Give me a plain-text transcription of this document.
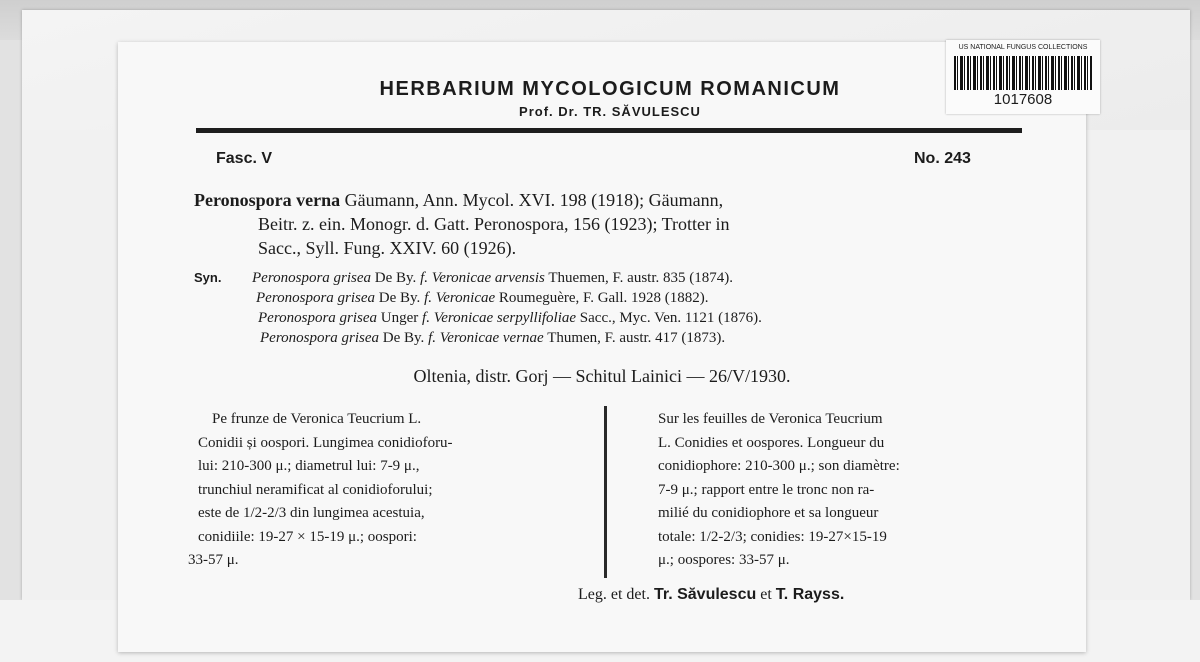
HERBARIUM MYCOLOGICUM ROMANICUM
Prof. Dr. TR. SĂVULESCU
Fasc. V	No. 243
Peronospora verna Gäumann, Ann. Mycol. XVI. 198 (1918); Gäumann,
Beitr. z. ein. Monogr. d. Gatt. Peronospora, 156 (1923); Trotter in
Sacc., Syll. Fung. XXIV. 60 (1926).
Syn. Peronospora grisea De By. f. Veronicae arvensis Thuemen, F. austr. 835 (1874).
Peronospora grisea De By. f. Veronicae Roumeguère, F. Gall. 1928 (1882).
Peronospora grisea Unger f. Veronicae serpyllifoliae Sacc., Myc. Ven. 1121 (1876).
Peronospora grisea De By. f. Veronicae vernae Thumen, F. austr. 417 (1873).
Oltenia, distr. Gorj — Schitul Lainici — 26/V/1930.
Pe frunze de Veronica Teucrium L.
Conidii și oospori. Lungimea conidioforu-
lui: 210-300 μ.; diametrul lui: 7-9 μ.,
trunchiul neramificat al conidioforului;
este de 1/2-2/3 din lungimea acestuia,
conidiile: 19-27 × 15-19 μ.; oospori:
33-57 μ.
Sur les feuilles de Veronica Teucrium
L. Conidies et oospores. Longueur du
conidiophore: 210-300 μ.; son diamètre:
7-9 μ.; rapport entre le tronc non ra-
milié du conidiophore et sa longueur
totale: 1/2-2/3; conidies: 19-27×15-19
μ.; oospores: 33-57 μ.
Leg. et det. Tr. Săvulescu et T. Rayss.
US NATIONAL FUNGUS COLLECTIONS
1017608
